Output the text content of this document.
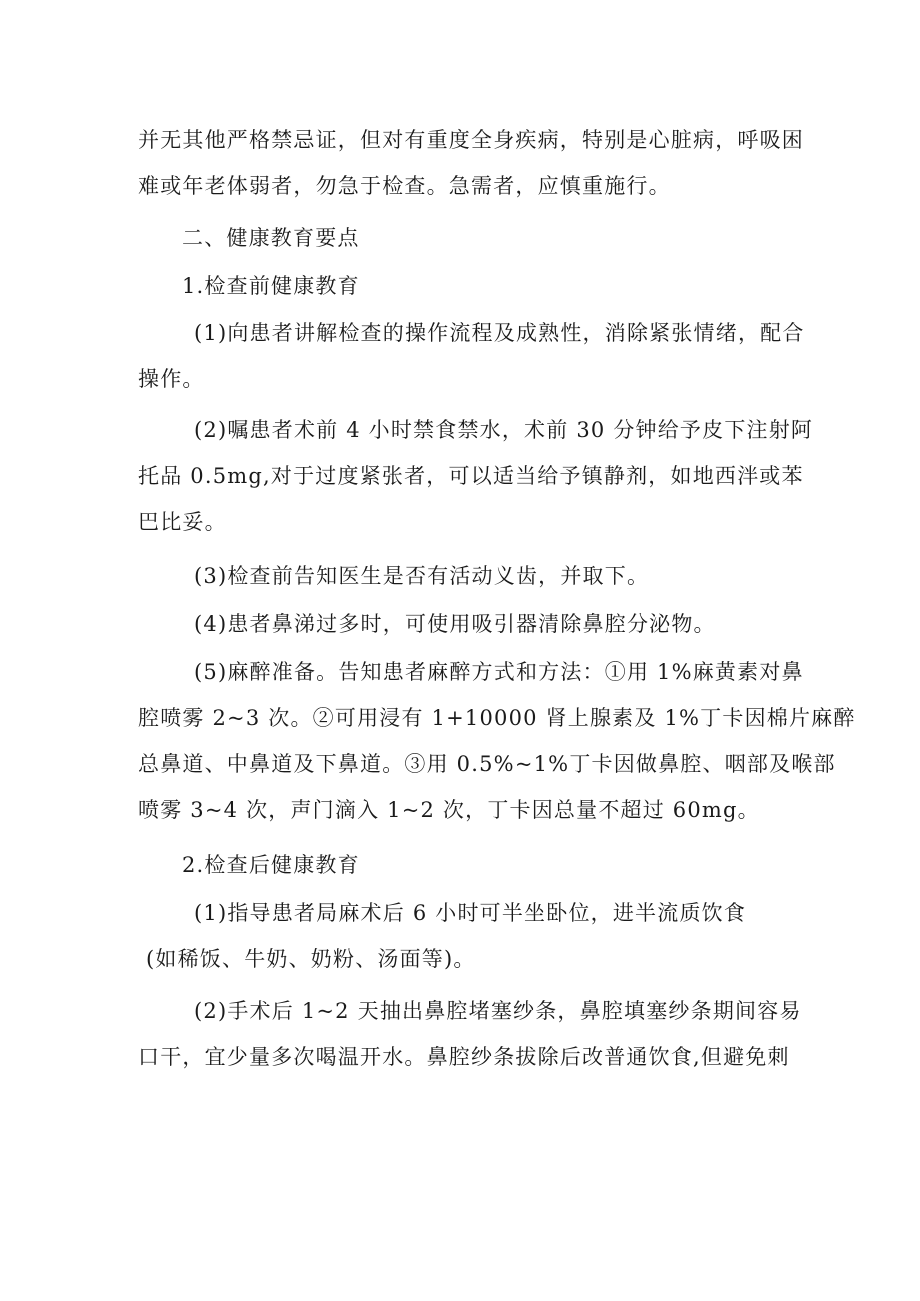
并无其他严格禁忌证，但对有重度全身疾病，特别是心脏病，呼吸困
难或年老体弱者，勿急于检查。急需者，应慎重施行。
二、健康教育要点
1.检查前健康教育
(1)向患者讲解检查的操作流程及成熟性，消除紧张情绪，配合
操作。
(2)嘱患者术前 4 小时禁食禁水，术前 30 分钟给予皮下注射阿
托品 0.5mg,对于过度紧张者，可以适当给予镇静剂，如地西泮或苯
巴比妥。
(3)检查前告知医生是否有活动义齿，并取下。
(4)患者鼻涕过多时，可使用吸引器清除鼻腔分泌物。
(5)麻醉准备。告知患者麻醉方式和方法：①用 1%麻黄素对鼻
腔喷雾 2~3 次。②可用浸有 1+10000 肾上腺素及 1%丁卡因棉片麻醉
总鼻道、中鼻道及下鼻道。③用 0.5%~1%丁卡因做鼻腔、咽部及喉部
喷雾 3~4 次，声门滴入 1~2 次，丁卡因总量不超过 60mg。
2.检查后健康教育
(1)指导患者局麻术后 6 小时可半坐卧位，进半流质饮食
(如稀饭、牛奶、奶粉、汤面等)。
(2)手术后 1~2 天抽出鼻腔堵塞纱条，鼻腔填塞纱条期间容易
口干，宜少量多次喝温开水。鼻腔纱条拔除后改普通饮食,但避免刺
